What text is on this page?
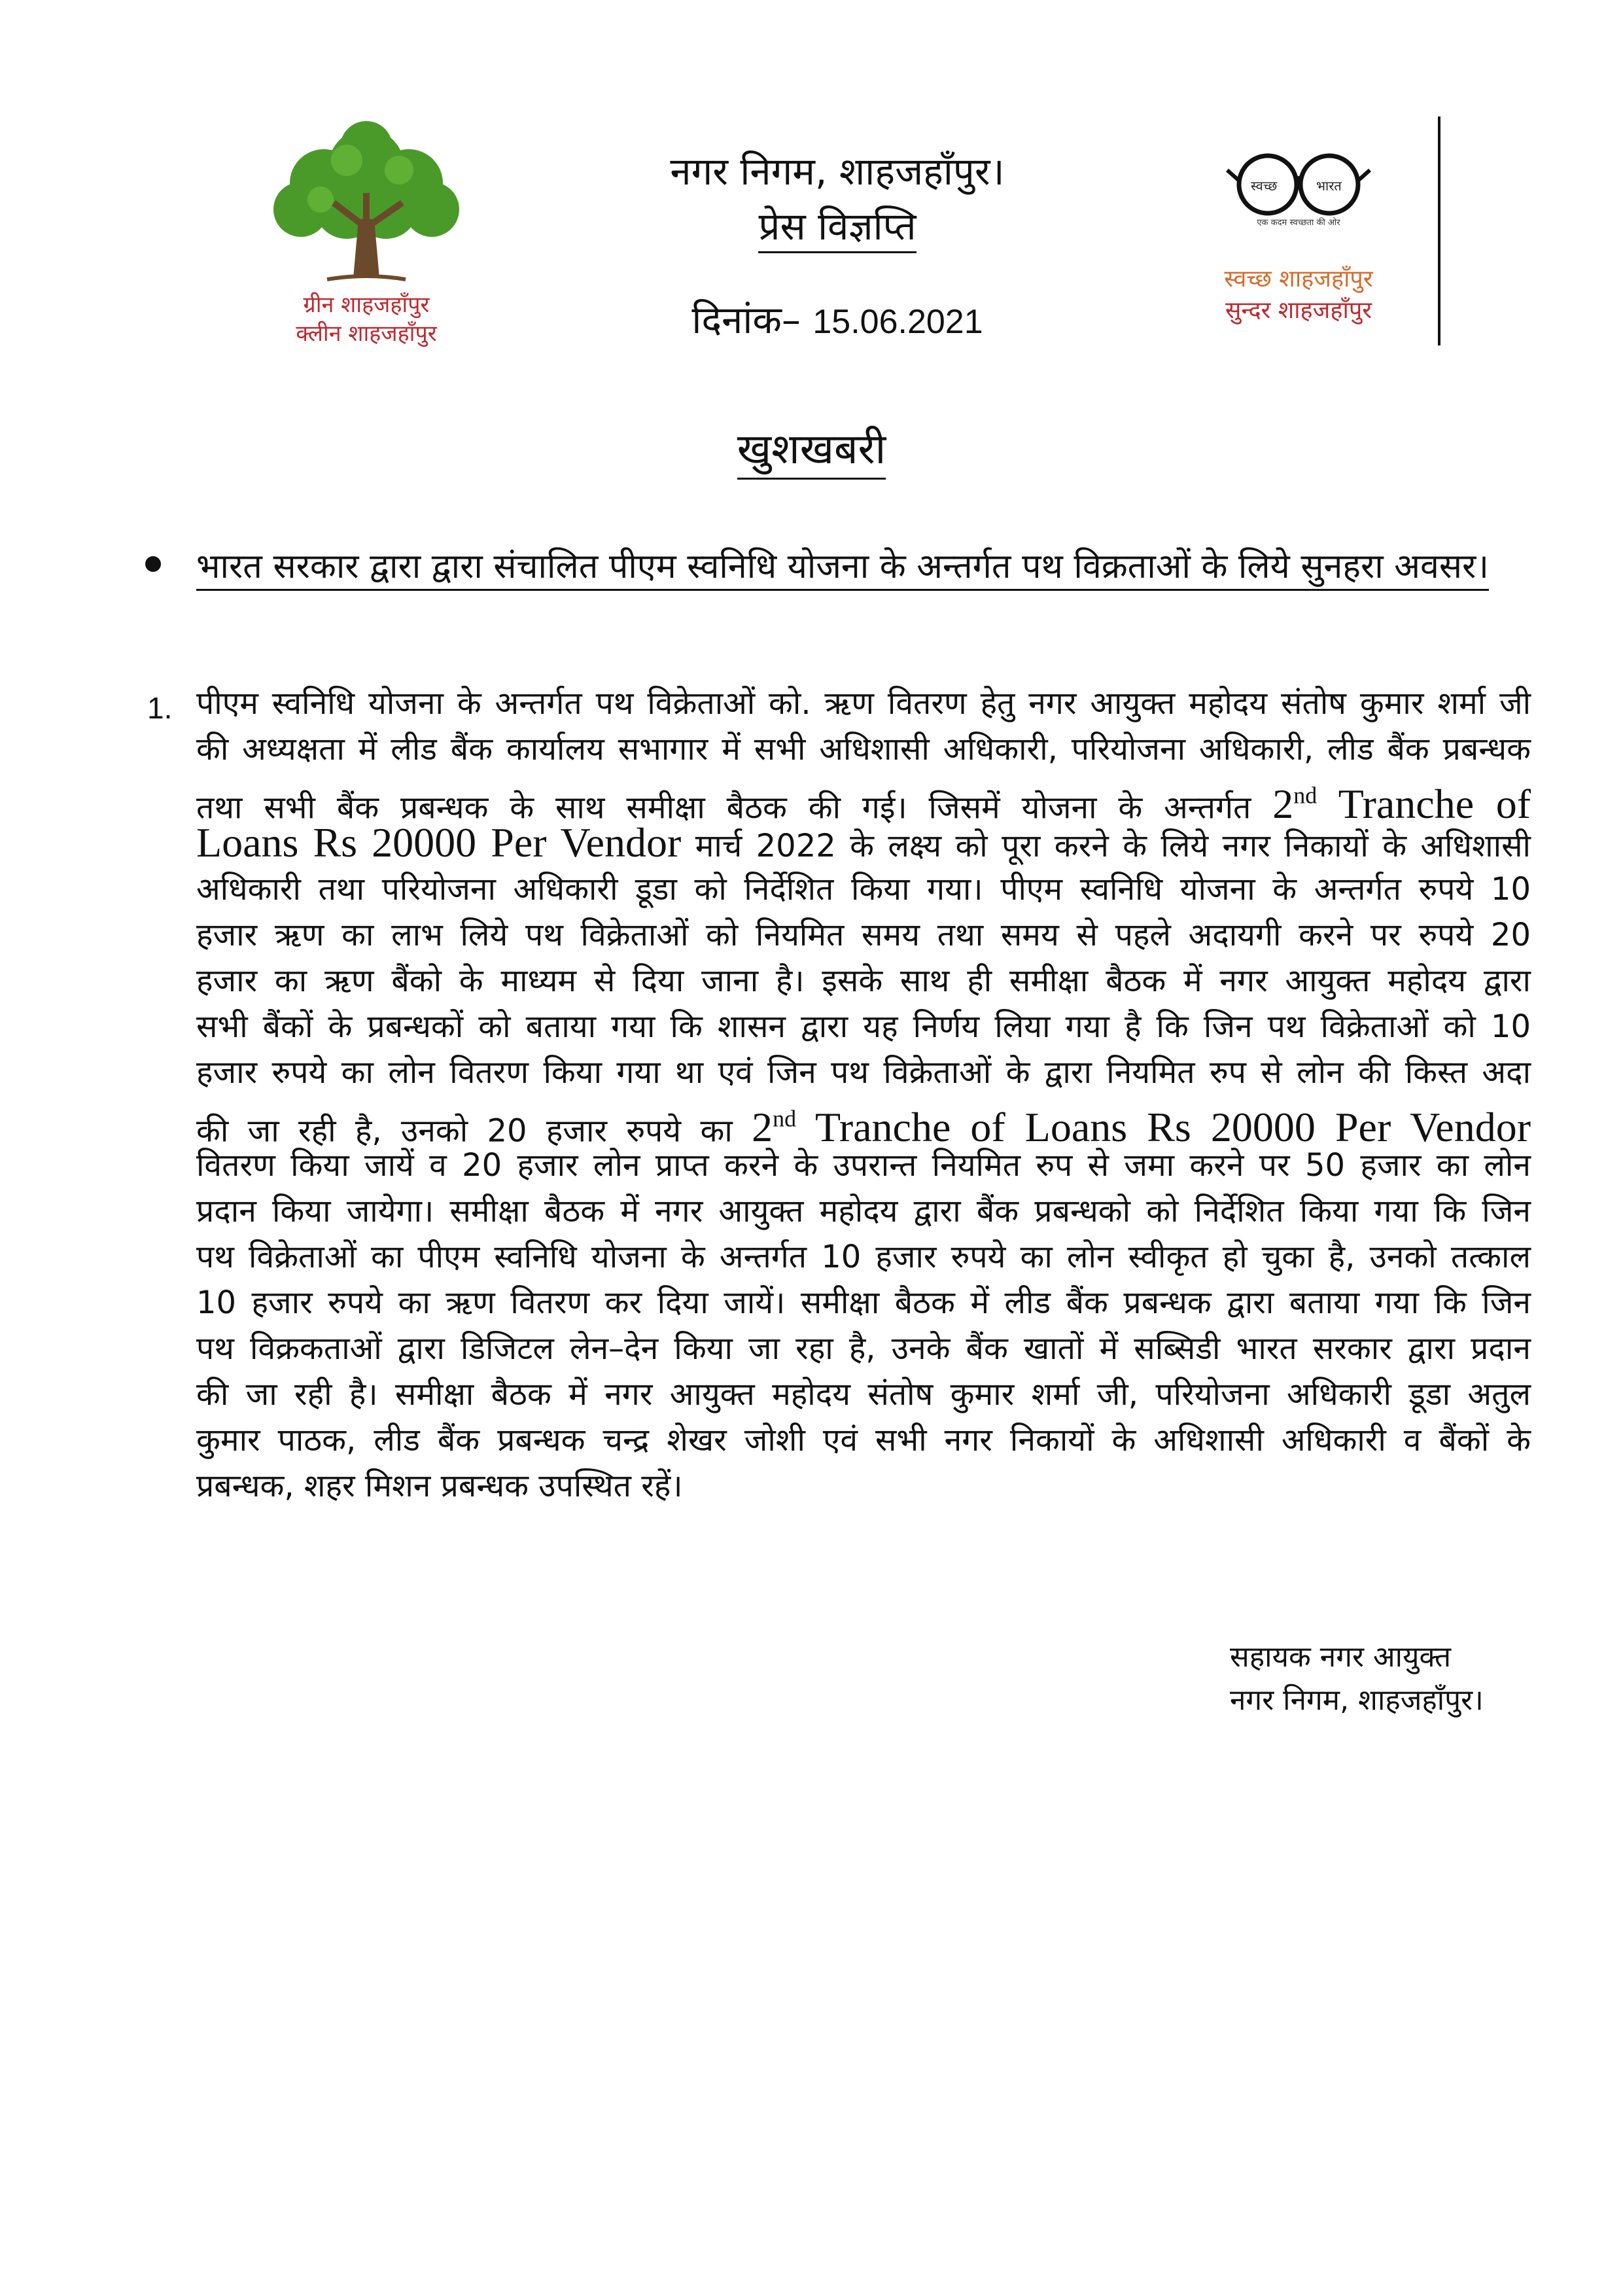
ग्रीन शाहजहाँपुर
क्लीन शाहजहाँपुर
नगर निगम, शाहजहाँपुर।
प्रेस विज्ञप्ति
दिनांक– 15.06.2021
स्वच्छ	भारत
एक कदम स्वच्छता की ओर
स्वच्छ शाहजहाँपुर
सुन्दर शाहजहाँपुर
खुशखबरी
भारत सरकार द्वारा द्वारा संचालित पीएम स्वनिधि योजना के अन्तर्गत पथ विक्रताओं के लिये सुनहरा अवसर।
1. पीएम स्वनिधि योजना के अन्तर्गत पथ विक्रेताओं को. ऋण वितरण हेतु नगर आयुक्त महोदय संतोष कुमार शर्मा जी
की अध्यक्षता में लीड बैंक कार्यालय सभागार में सभी अधिशासी अधिकारी, परियोजना अधिकारी, लीड बैंक प्रबन्धक
तथा सभी बैंक प्रबन्धक के साथ समीक्षा बैठक की गई। जिसमें योजना के अन्तर्गत 2nd Tranche of
Loans Rs 20000 Per Vendor मार्च 2022 के लक्ष्य को पूरा करने के लिये नगर निकायों के अधिशासी
अधिकारी तथा परियोजना अधिकारी डूडा को निर्देशित किया गया। पीएम स्वनिधि योजना के अन्तर्गत रुपये 10
हजार ऋण का लाभ लिये पथ विक्रेताओं को नियमित समय तथा समय से पहले अदायगी करने पर रुपये 20
हजार का ऋण बैंको के माध्यम से दिया जाना है। इसके साथ ही समीक्षा बैठक में नगर आयुक्त महोदय द्वारा
सभी बैंकों के प्रबन्धकों को बताया गया कि शासन द्वारा यह निर्णय लिया गया है कि जिन पथ विक्रेताओं को 10
हजार रुपये का लोन वितरण किया गया था एवं जिन पथ विक्रेताओं के द्वारा नियमित रुप से लोन की किस्त अदा
की जा रही है, उनको 20 हजार रुपये का 2nd Tranche of Loans Rs 20000 Per Vendor
वितरण किया जायें व 20 हजार लोन प्राप्त करने के उपरान्त नियमित रुप से जमा करने पर 50 हजार का लोन
प्रदान किया जायेगा। समीक्षा बैठक में नगर आयुक्त महोदय द्वारा बैंक प्रबन्धको को निर्देशित किया गया कि जिन
पथ विक्रेताओं का पीएम स्वनिधि योजना के अन्तर्गत 10 हजार रुपये का लोन स्वीकृत हो चुका है, उनको तत्काल
10 हजार रुपये का ऋण वितरण कर दिया जायें। समीक्षा बैठक में लीड बैंक प्रबन्धक द्वारा बताया गया कि जिन
पथ विक्रकताओं द्वारा डिजिटल लेन–देन किया जा रहा है, उनके बैंक खातों में सब्सिडी भारत सरकार द्वारा प्रदान
की जा रही है। समीक्षा बैठक में नगर आयुक्त महोदय संतोष कुमार शर्मा जी, परियोजना अधिकारी डूडा अतुल
कुमार पाठक, लीड बैंक प्रबन्धक चन्द्र शेखर जोशी एवं सभी नगर निकायों के अधिशासी अधिकारी व बैंकों के
प्रबन्धक, शहर मिशन प्रबन्धक उपस्थित रहें।
सहायक नगर आयुक्त
नगर निगम, शाहजहाँपुर।
